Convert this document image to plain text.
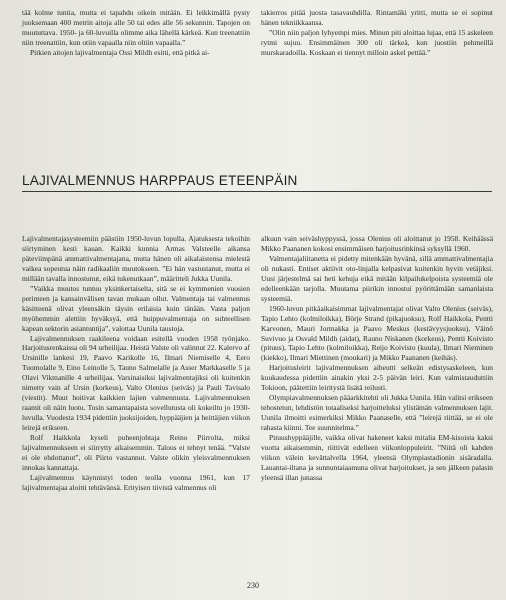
tää kolme tuntia, mutta ei tapahdu oikein mitään. Ei leikkimällä pysty juoksemaan 400 metrin aitoja alle 50 tai edes alle 56 sekunnin. Tapojen on muututtava. 1950- ja 60-luvuilla olimme aika lähellä kärkeä. Kun treenattiin niin treenattiin, kun otiin vapaalla niin oltiin vapaalla.”

Pitkien aitojen lajivalmentaja Ossi Mildh esitti, että pitkä ai-

takierros pitää juosta tasavauhdilla. Rintamäki yritti, mutta se ei sopinut hänen tekniikkaansa.

”Olin niin paljon lyhyempi mies. Minun piti aloittaa lujaa, että 15 askeleen rytmi sujuu. Ensimmäinen 300 oli tärkeä, kun juostiin pehmeillä murskaradoilla. Koskaan ei tiennyt milloin askel pettää.”

LAJIVALMENNUS HARPPAUS ETEENPÄIN

Lajivalmentajasysteemiin päästiin 1950-luvun lopulla. Ajatuksesta tekoihin siirtyminen kesti kauan. Kaikki kunnia Armas Valsteelle aikansa päteviimpänä ammattivalmentajana, mutta hänen oli aikalaistensa mielestä vaikea sopeutua näin radikaaliin muutokseen. ”Ei hän vastustanut, mutta ei millään tavalla innostunut, eikä tukenutkaan”, määritteli Jukka Uunila.

”Vaikka muutos tuntuu yksinkertaiselta, sitä se ei kymmenien vuosien perinteen ja kansainvälisen tavan mukaan ollut. Valmentaja tai valmennus käsitteenä olivat yleensäkin täysin erilaisia kuin tänään. Vasta paljon myöhemmin alettiin hyväksyä, että huippuvalmentaja on suhteellisen kapean sektorin asiantuntija”, valottaa Uunila taustoja.

Lajivalmennuksen raakileena voidaan esitellä vuoden 1958 työnjako. Harjoitusrenkaissa oli 94 urheilijaa. Heistä Valste oli valinnut 22. Kalervo af Ursinille lankesi 19, Paavo Karikolle 16, Ilmari Niemiselle 4, Eero Tuomolalle 9, Eino Leinolle 5, Tauno Salmelalle ja Asser Markkaselle 5 ja Olavi Vikmanille 4 urheilijaa. Varsinaisiksi lajivalmentajiksi oli kuitenkin nimetty vain af Ursin (korkeus), Valto Olenius (seiväs) ja Pauli Tavisalo (viestit). Muut hoitivat kaikkien lajien valmennusta. Lajivalmennuksen raamit oli näin luotu. Tosin samantapaista sovellutusta oli kokeiltu jo 1930-luvulla. Vuodesta 1934 pidettiin juoksijoiden, hyppääjien ja heittäjien viikon leirejä erikseen.

Rolf Haikkola kyseli puheenjohtaja Reino Piirrolta, miksi lajivalmennukseen ei siirrytty aikaisemmin. Talous ei tehnyt tenää. ”Valste ei ole ehdottanut”, oli Piirto vastannut. Valste olikin yleisvalmennuksen innokas kannattaja.

Lajivalmennus käynnistyi toden teolla vuonna 1961, kun 17 lajivalmentajaa aloitti tehtävänsä. Erityisen tiivistä valmennus oli

alkuun vain seiväshyppyssä, jossa Olenius oli aloittanut jo 1958. Keihäässä Mikko Paananen kokosi ensimmäisen harjoitusrinkinsä syksyllä 1960.

Valmentajaliitanetta ei pidetty mitenkään hyvänä, sillä ammattivalmentajia oli nukasti. Entiset aktiivit oto-linjalla kelpasivat kuitenkin hyvin vetäjiksi. Uusi järjestelmä sai heti kehuja eikä mitään kilpailukelpoista systeemiä ole edelleenkään tarjolla. Muutama piirikin innostui pyörittämään samanlaista systeemiä.

1960-luvun pitkäaikaisimmat lajivalmentajat olivat Valto Olenius (seiväs), Tapio Lehto (kolmiloikka), Börje Strand (pikajuoksu), Rolf Haikkola, Pentti Karvonen, Mauri Jormakka ja Paavo Meskus (kestävyysjuoksu), Väinö Suvivuo ja Osvald Mildh (aidat), Rauno Niskanen (korkeus), Pentti Koivisto (pituus), Tapio Lehto (kolmiloikka), Reijo Koivisto (kuula), Ilmari Nieminen (kiekko), Ilmari Miettinen (moukari) ja Mikko Paananen (keihäs).

Harjoitusleirit lajivalmennuksen aiheutti selkeän edistysaskeleen, kun kuukaudessa pidettiin ainakin yksi 2-5 päivän leiri. Kun valmistauduttiin Tokioon, päätettiin leiritystä lisätä reilusti.

Olympiavalmennuksen pääarkkitehti oli Jukka Uunila. Hän valitsi erikseen tehostetun, lehdistön totaaliseksi harjoitteluksi ylistämän valmennuksen lajit. Uunila ilmoitti esimerkiksi Mikko Paanaselle, että ”leirejä riittää, se ei ole rahasta kiinni. Tee suunnitelma.”

Pituushyppääjille, vaikka olivat hakeneet kaksi mitalia EM-kisoista kaksi vuotta aikaisemmin, riittivät edelleen viikonloppuleirit. ”Niitä oli kahden viikon välein kevättalvella 1964, yleensä Olympiastadionin sisäradalla. Lauantai-iltana ja sunnuntaiaamuna olivat harjoitukset, ja sen jälkeen palasin yleensä illan junassa

230
